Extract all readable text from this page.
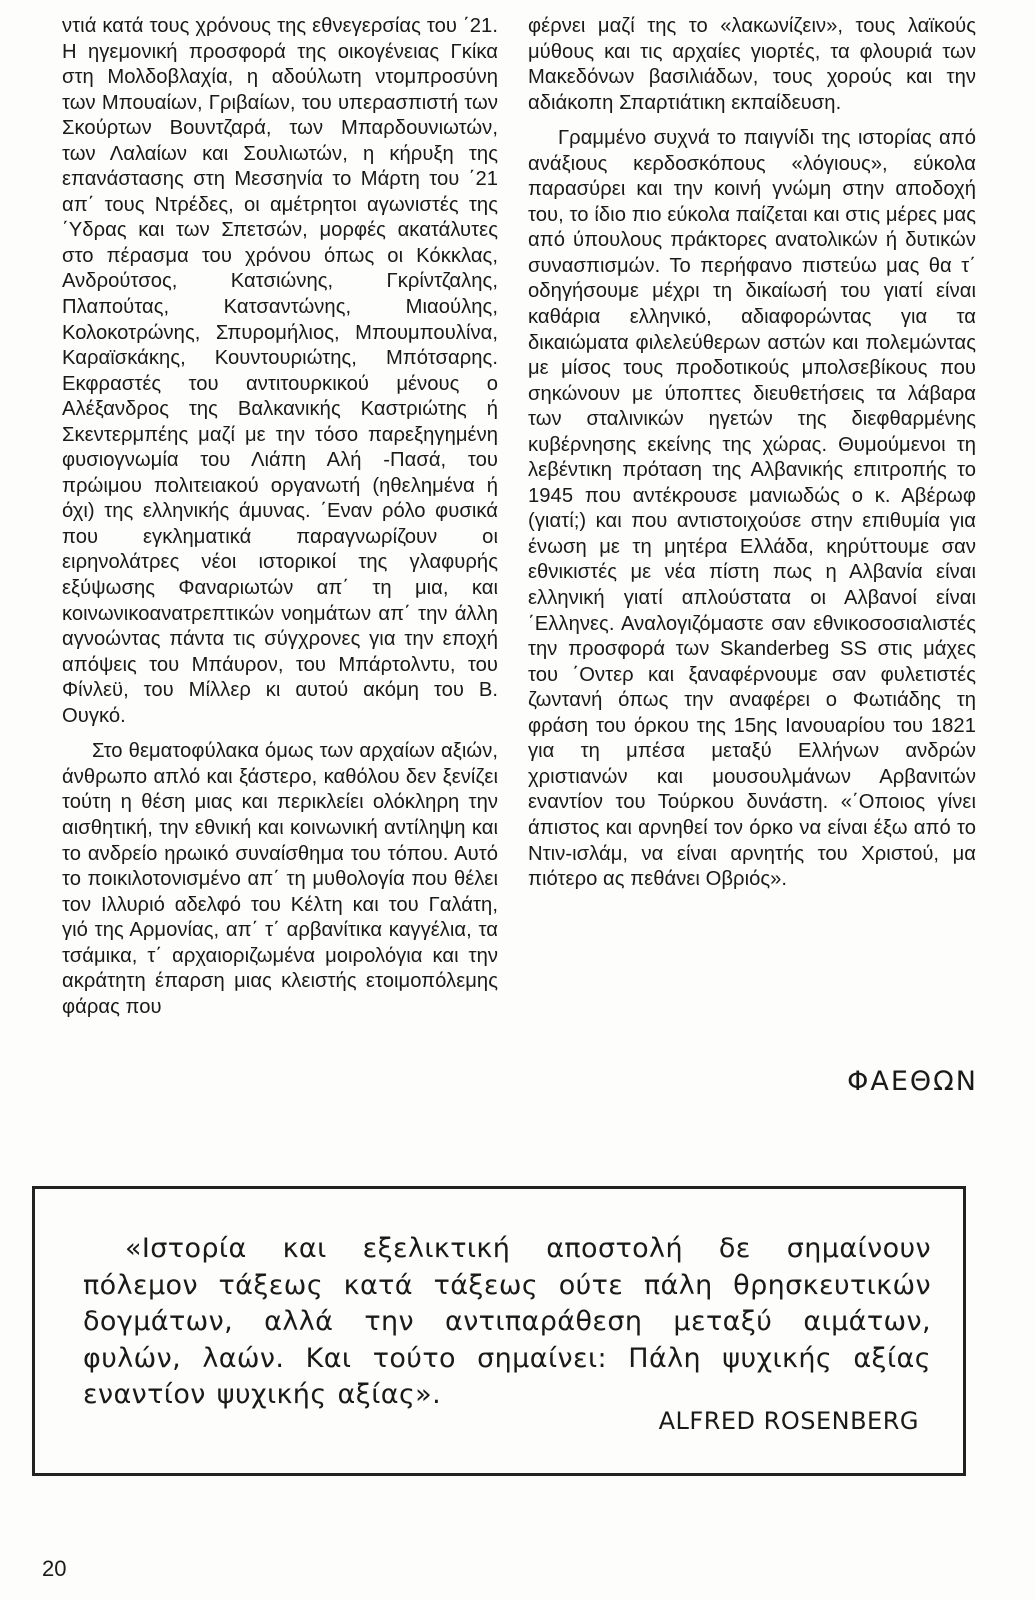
ντιά κατά τους χρόνους της εθνεγερσίας του ΄21. Η ηγεμονική προσφορά της οικογένειας Γκίκα στη Μολδοβλαχία, η αδούλωτη ντομπροσύνη των Μπουαίων, Γριβαίων, του υπερασπιστή των Σκούρτων Βουντζαρά, των Μπαρδουνιωτών, των Λαλαίων και Σουλιωτών, η κήρυξη της επανάστασης στη Μεσσηνία το Μάρτη του ΄21 απ΄ τους Ντρέδες, οι αμέτρητοι αγωνιστές της ΄Υδρας και των Σπετσών, μορφές ακατάλυτες στο πέρασμα του χρόνου όπως οι Κόκκλας, Ανδρούτσος, Κατσιώνης, Γκρίντζαλης, Πλαπούτας, Κατσαντώνης, Μιαούλης, Κολοκοτρώνης, Σπυρομήλιος, Μπουμπουλίνα, Καραϊσκάκης, Κουντουριώτης, Μπότσαρης. Εκφραστές του αντιτουρκικού μένους ο Αλέξανδρος της Βαλκανικής Καστριώτης ή Σκεντερμπέης μαζί με την τόσο παρεξηγημένη φυσιογνωμία του Λιάπη Αλή -Πασά, του πρώιμου πολιτειακού οργανωτή (ηθελημένα ή όχι) της ελληνικής άμυνας. ΄Εναν ρόλο φυσικά που εγκληματικά παραγνωρίζουν οι ειρηνολάτρες νέοι ιστορικοί της γλαφυρής εξύψωσης Φαναριωτών απ΄ τη μια, και κοινωνικοανατρεπτικών νοημάτων απ΄ την άλλη αγνοώντας πάντα τις σύγχρονες για την εποχή απόψεις του Μπάυρον, του Μπάρτολντυ, του Φίνλεϋ, του Μίλλερ κι αυτού ακόμη του Β. Ουγκό.

Στο θεματοφύλακα όμως των αρχαίων αξιών, άνθρωπο απλό και ξάστερο, καθόλου δεν ξενίζει τούτη η θέση μιας και περικλείει ολόκληρη την αισθητική, την εθνική και κοινωνική αντίληψη και το ανδρείο ηρωικό συναίσθημα του τόπου. Αυτό το ποικιλοτονισμένο απ΄ τη μυθολογία που θέλει τον Ιλλυριό αδελφό του Κέλτη και του Γαλάτη, γιό της Αρμονίας, απ΄ τ΄ αρβανίτικα καγγέλια, τα τσάμικα, τ΄ αρχαιοριζωμένα μοιρολόγια και την ακράτητη έπαρση μιας κλειστής ετοιμοπόλεμης φάρας που

φέρνει μαζί της το «λακωνίζειν», τους λαϊκούς μύθους και τις αρχαίες γιορτές, τα φλουριά των Μακεδόνων βασιλιάδων, τους χορούς και την αδιάκοπη Σπαρτιάτικη εκπαίδευση.

Γραμμένο συχνά το παιγνίδι της ιστορίας από ανάξιους κερδοσκόπους «λόγιους», εύκολα παρασύρει και την κοινή γνώμη στην αποδοχή του, το ίδιο πιο εύκολα παίζεται και στις μέρες μας από ύπουλους πράκτορες ανατολικών ή δυτικών συνασπισμών. Το περήφανο πιστεύω μας θα τ΄ οδηγήσουμε μέχρι τη δικαίωσή του γιατί είναι καθάρια ελληνικό, αδιαφορώντας για τα δικαιώματα φιλελεύθερων αστών και πολεμώντας με μίσος τους προδοτικούς μπολσεβίκους που σηκώνουν με ύποπτες διευθετήσεις τα λάβαρα των σταλινικών ηγετών της διεφθαρμένης κυβέρνησης εκείνης της χώρας. Θυμούμενοι τη λεβέντικη πρόταση της Αλβανικής επιτροπής το 1945 που αντέκρουσε μανιωδώς ο κ. Αβέρωφ (γιατί;) και που αντιστοιχούσε στην επιθυμία για ένωση με τη μητέρα Ελλάδα, κηρύττουμε σαν εθνικιστές με νέα πίστη πως η Αλβανία είναι ελληνική γιατί απλούστατα οι Αλβανοί είναι ΄Ελληνες. Αναλογιζόμαστε σαν εθνικοσοσιαλιστές την προσφορά των Skanderbeg SS στις μάχες του ΄Οντερ και ξαναφέρνουμε σαν φυλετιστές ζωντανή όπως την αναφέρει ο Φωτιάδης τη φράση του όρκου της 15ης Ιανουαρίου του 1821 για τη μπέσα μεταξύ Ελλήνων ανδρών χριστιανών και μουσουλμάνων Αρβανιτών εναντίον του Τούρκου δυνάστη. «΄Οποιος γίνει άπιστος και αρνηθεί τον όρκο να είναι έξω από το Ντιν-ισλάμ, να είναι αρνητής του Χριστού, μα πιότερο ας πεθάνει Οβριός».

ΦΑΕΘΩΝ
«Ιστορία και εξελικτική αποστολή δε σημαίνουν πόλεμον τάξεως κατά τάξεως ούτε πάλη θρησκευτικών δογμάτων, αλλά την αντιπαράθεση μεταξύ αιμάτων, φυλών, λαών. Και τούτο σημαίνει: Πάλη ψυχικής αξίας εναντίον ψυχικής αξίας».
ALFRED ROSENBERG
20
